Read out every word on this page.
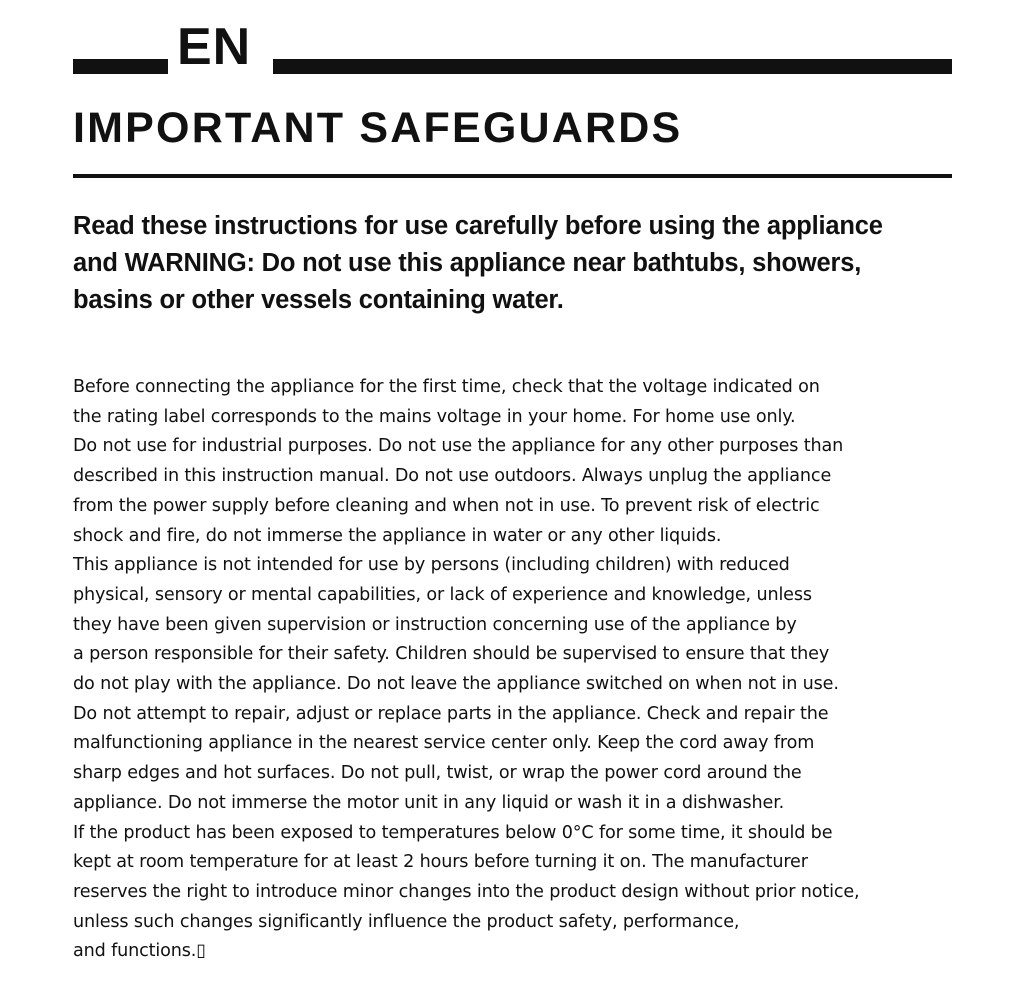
EN
IMPORTANT SAFEGUARDS

Read these instructions for use carefully before using the appliance
and WARNING: Do not use this appliance near bathtubs, showers,
basins or other vessels containing water.

Before connecting the appliance for the first time, check that the voltage indicated on
the rating label corresponds to the mains voltage in your home. For home use only.
Do not use for industrial purposes. Do not use the appliance for any other purposes than
described in this instruction manual. Do not use outdoors. Always unplug the appliance
from the power supply before cleaning and when not in use. To prevent risk of electric
shock and fire, do not immerse the appliance in water or any other liquids.
This appliance is not intended for use by persons (including children) with reduced
physical, sensory or mental capabilities, or lack of experience and knowledge, unless
they have been given supervision or instruction concerning use of the appliance by
a person responsible for their safety. Children should be supervised to ensure that they
do not play with the appliance. Do not leave the appliance switched on when not in use.
Do not attempt to repair, adjust or replace parts in the appliance. Check and repair the
malfunctioning appliance in the nearest service center only. Keep the cord away from
sharp edges and hot surfaces. Do not pull, twist, or wrap the power cord around the
appliance. Do not immerse the motor unit in any liquid or wash it in a dishwasher.
If the product has been exposed to temperatures below 0°C for some time, it should be
kept at room temperature for at least 2 hours before turning it on. The manufacturer
reserves the right to introduce minor changes into the product design without prior notice,
unless such changes significantly influence the product safety, performance,
and functions.▯
